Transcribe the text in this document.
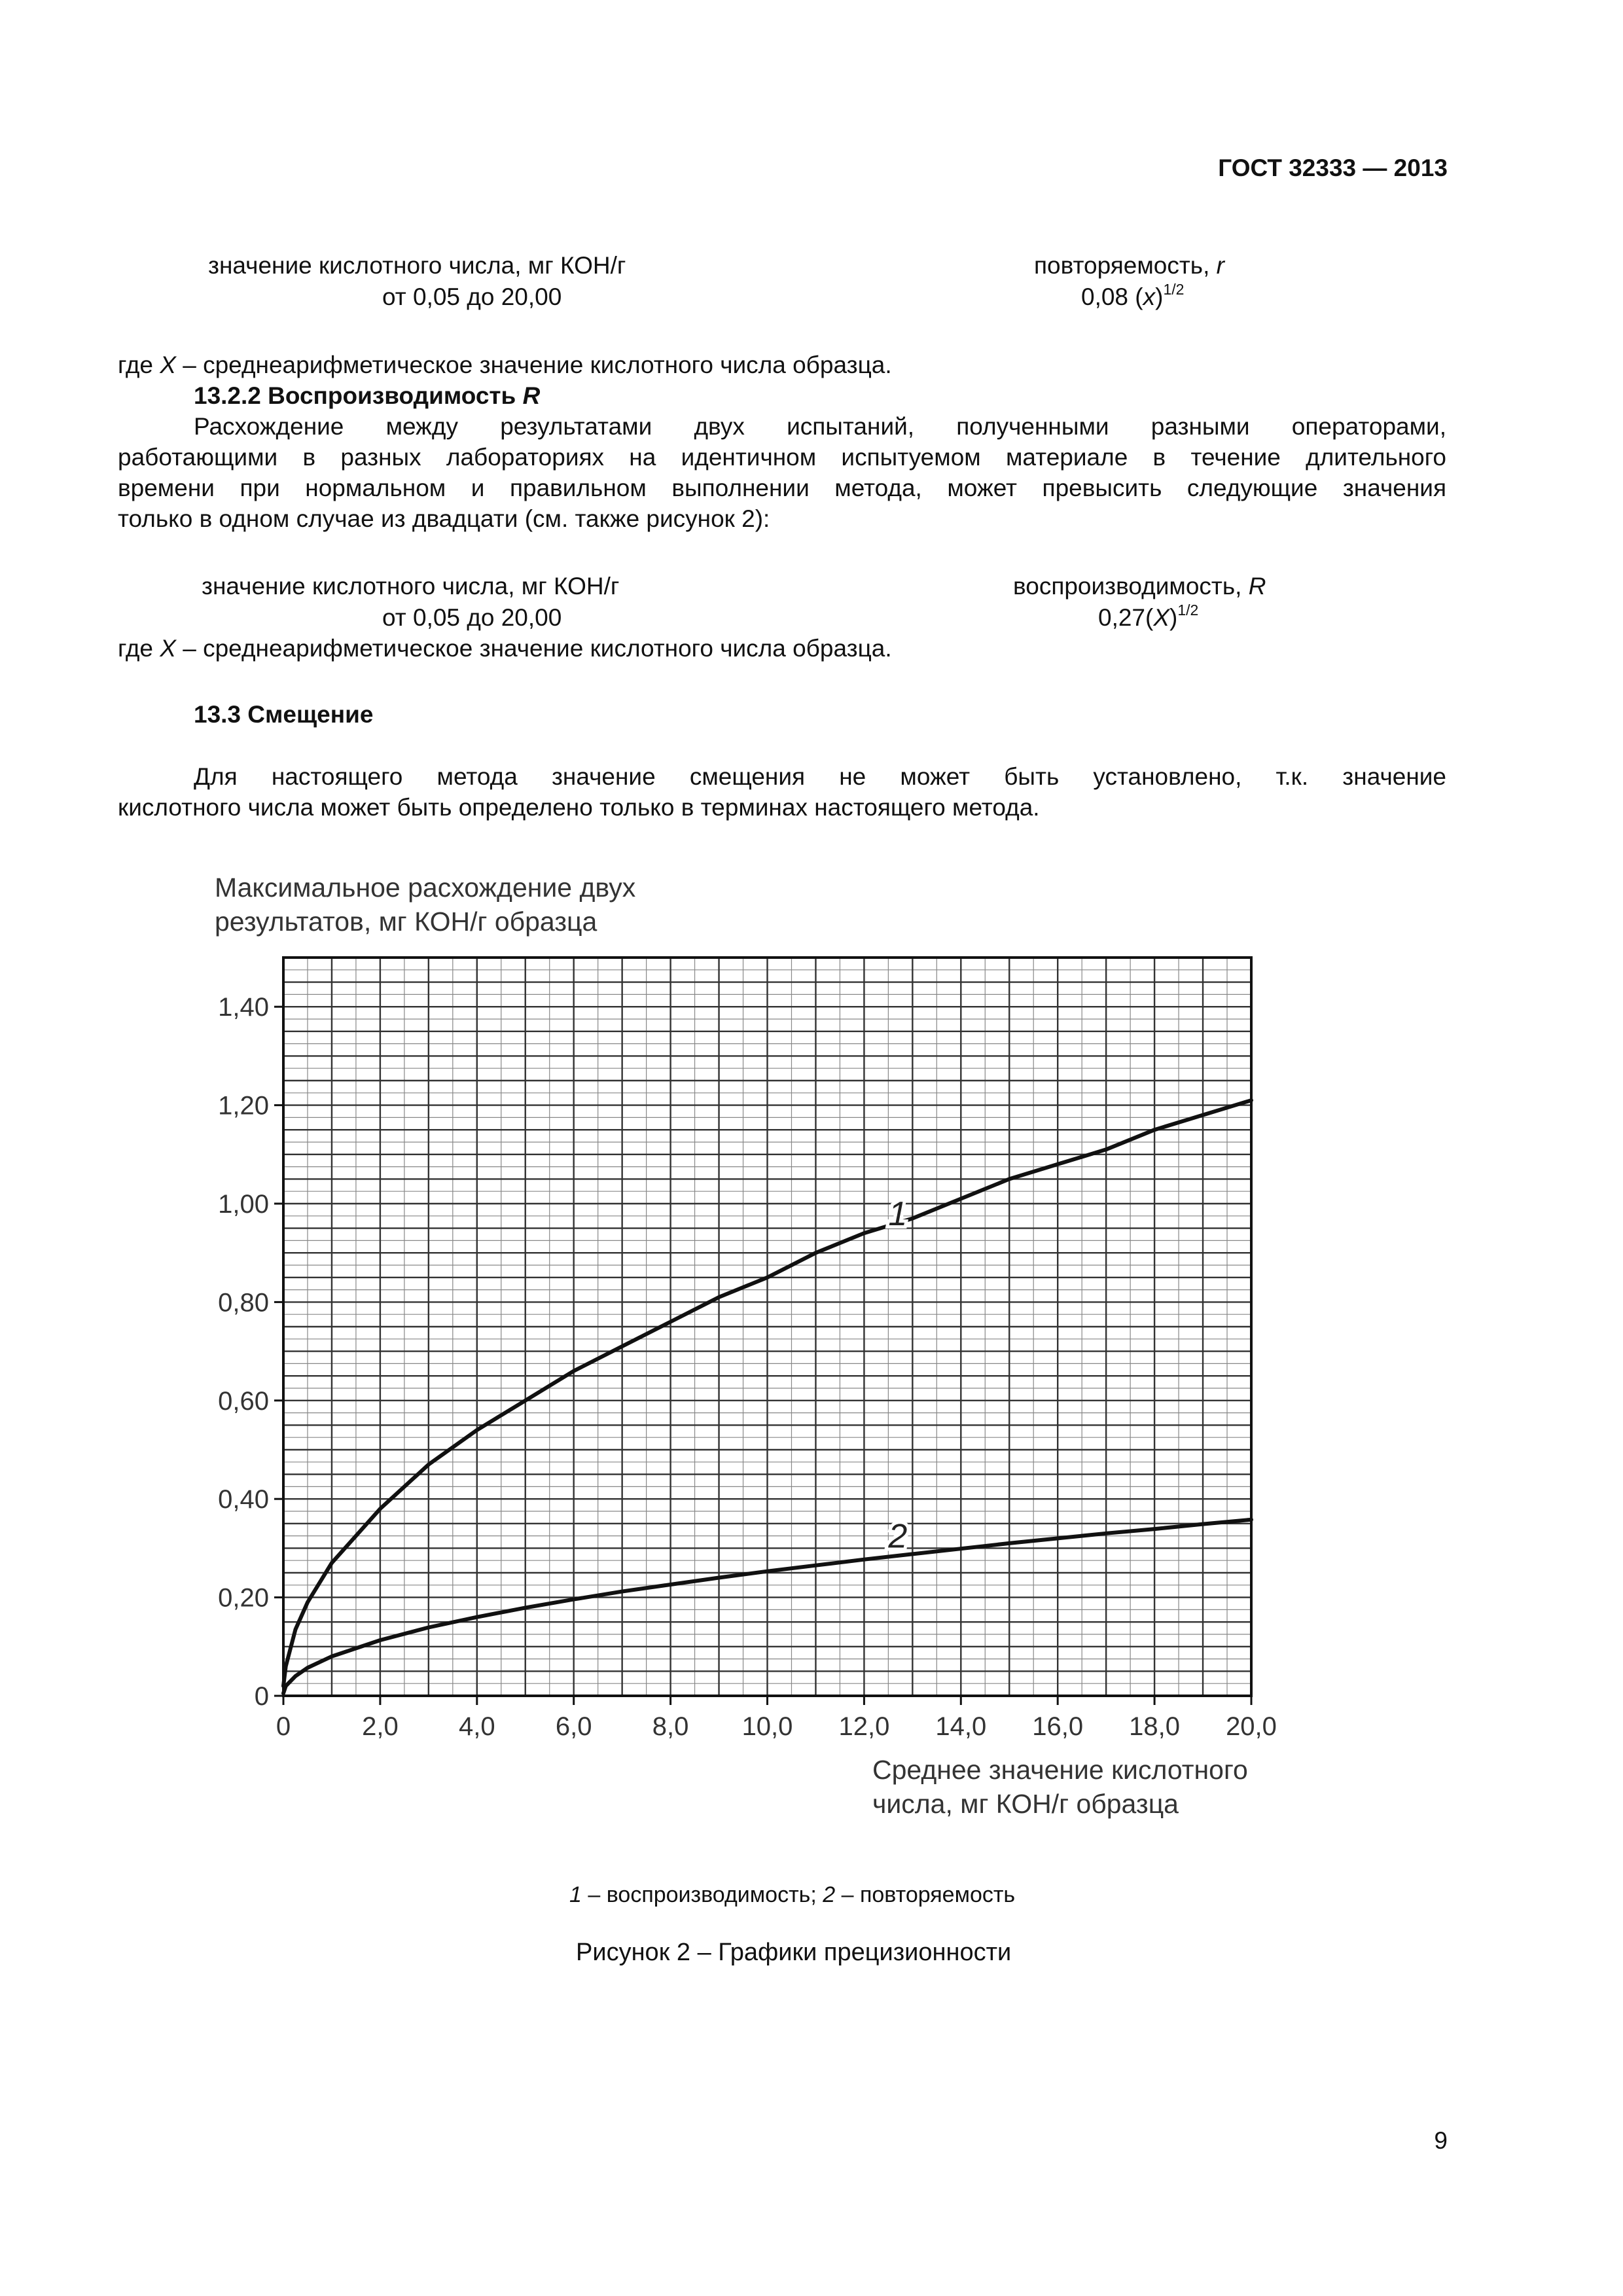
ГОСТ 32333 — 2013
значение кислотного числа, мг КОН/г
от 0,05 до 20,00
повторяемость, r
0,08 $(x)^{1/2}$
где X – среднеарифметическое значение кислотного числа образца.
13.2.2 Воспроизводимость R
Расхождение между результатами двух испытаний, полученными разными операторами,
работающими в разных лабораториях на идентичном испытуемом материале в течение длительного
времени при нормальном и правильном выполнении метода, может превысить следующие значения
только в одном случае из двадцати (см. также рисунок 2):
значение кислотного числа, мг КОН/г
от 0,05 до 20,00
воспроизводимость, R
$0,27(X)^{1/2}$
где X – среднеарифметическое значение кислотного числа образца.
13.3 Смещение
Для настоящего метода значение смещения не может быть установлено, т.к. значение
кислотного числа может быть определено только в терминах настоящего метода.
Максимальное расхождение двух
результатов, мг КОН/г образца
0
0,20
0,40
0,60
0,80
1,00
1,20
1,40
0	2,0 4,0 6,0 8,0 10,0 12,0 14,0 16,0 18,0 20,0
1
2
Среднее значение кислотного
числа, мг КОН/г образца
1 – воспроизводимость; 2 – повторяемость
Рисунок 2 – Графики прецизионности
9
